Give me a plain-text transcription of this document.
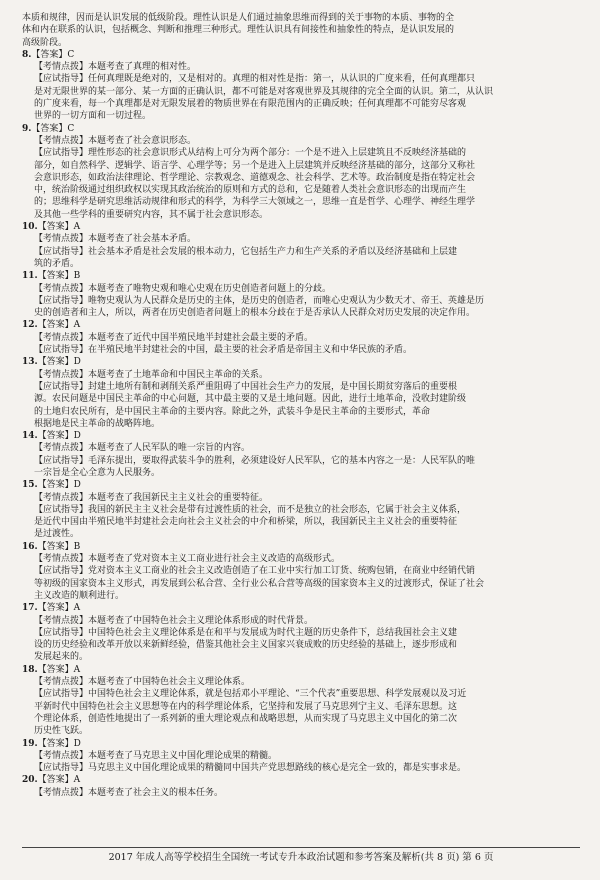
本质和规律，因而是认识发展的低级阶段。理性认识是人们通过抽象思维而得到的关于事物的本质、事物的全
体和内在联系的认识，包括概念、判断和推理三种形式。理性认识具有间接性和抽象性的特点，是认识发展的
高级阶段。
8.【答案】C
【考情点拨】本题考查了真理的相对性。
【应试指导】任何真理既是绝对的，又是相对的。真理的相对性是指：第一，从认识的广度来看，任何真理都只
是对无限世界的某一部分、某一方面的正确认识，都不可能是对客观世界及其规律的完全全面的认识。第二，从认识
的广度来看，每一个真理都是对无限发展着的物质世界在有限范围内的正确反映；任何真理都不可能穷尽客观
世界的一切方面和一切过程。
9.【答案】C
【考情点拨】本题考查了社会意识形态。
【应试指导】理性形态的社会意识形式从结构上可分为两个部分：一个是不进入上层建筑且不反映经济基础的
部分，如自然科学、逻辑学、语言学、心理学等；另一个是进入上层建筑并反映经济基础的部分，这部分又称社
会意识形态，如政治法律理论、哲学理论、宗教观念、道德观念、社会科学、艺术等。政治制度是指在特定社会
中，统治阶级通过组织政权以实现其政治统治的原则和方式的总和，它是随着人类社会意识形态的出现而产生
的；思维科学是研究思维活动规律和形式的科学，为科学三大领域之一，思维一直是哲学、心理学、神经生理学
及其他一些学科的重要研究内容，其不属于社会意识形态。
10.【答案】A
【考情点拨】本题考查了社会基本矛盾。
【应试指导】社会基本矛盾是社会发展的根本动力，它包括生产力和生产关系的矛盾以及经济基础和上层建
筑的矛盾。
11.【答案】B
【考情点拨】本题考查了唯物史观和唯心史观在历史创造者问题上的分歧。
【应试指导】唯物史观认为人民群众是历史的主体，是历史的创造者，而唯心史观认为少数天才、帝王、英雄是历
史的创造者和主人，所以，两者在历史创造者问题上的根本分歧在于是否承认人民群众对历史发展的决定作用。
12.【答案】A
【考情点拨】本题考查了近代中国半殖民地半封建社会最主要的矛盾。
【应试指导】在半殖民地半封建社会的中国，最主要的社会矛盾是帝国主义和中华民族的矛盾。
13.【答案】D
【考情点拨】本题考查了土地革命和中国民主革命的关系。
【应试指导】封建土地所有制和剥削关系严重阻碍了中国社会生产力的发展，是中国长期贫穷落后的重要根
源。农民问题是中国民主革命的中心问题，其中最主要的又是土地问题。因此，进行土地革命，没收封建阶级
的土地归农民所有，是中国民主革命的主要内容。除此之外，武装斗争是民主革命的主要形式，革命
根据地是民主革命的战略阵地。
14.【答案】D
【考情点拨】本题考查了人民军队的唯一宗旨的内容。
【应试指导】毛泽东提出，要取得武装斗争的胜利，必须建设好人民军队，它的基本内容之一是：人民军队的唯
一宗旨是全心全意为人民服务。
15.【答案】D
【考情点拨】本题考查了我国新民主主义社会的重要特征。
【应试指导】我国的新民主主义社会是带有过渡性质的社会，而不是独立的社会形态，它属于社会主义体系，
是近代中国由半殖民地半封建社会走向社会主义社会的中介和桥梁，所以，我国新民主主义社会的重要特征
是过渡性。
16.【答案】B
【考情点拨】本题考查了党对资本主义工商业进行社会主义改造的高级形式。
【应试指导】党对资本主义工商业的社会主义改造创造了在工业中实行加工订货、统购包销，在商业中经销代销
等初级的国家资本主义形式，再发展到公私合营、全行业公私合营等高级的国家资本主义的过渡形式，保证了社会
主义改造的顺利进行。
17.【答案】A
【考情点拨】本题考查了中国特色社会主义理论体系形成的时代背景。
【应试指导】中国特色社会主义理论体系是在和平与发展成为时代主题的历史条件下，总结我国社会主义建
设的历史经验和改革开放以来新鲜经验，借鉴其他社会主义国家兴衰成败的历史经验的基础上，逐步形成和
发展起来的。
18.【答案】A
【考情点拨】本题考查了中国特色社会主义理论体系。
【应试指导】中国特色社会主义理论体系，就是包括邓小平理论、“三个代表”重要思想、科学发展观以及习近
平新时代中国特色社会主义思想等在内的科学理论体系，它坚持和发展了马克思列宁主义、毛泽东思想。这
个理论体系，创造性地提出了一系列新的重大理论观点和战略思想，从而实现了马克思主义中国化的第二次
历史性飞跃。
19.【答案】D
【考情点拨】本题考查了马克思主义中国化理论成果的精髓。
【应试指导】马克思主义中国化理论成果的精髓同中国共产党思想路线的核心是完全一致的，都是实事求是。
20.【答案】A
【考情点拨】本题考查了社会主义的根本任务。
2017 年成人高等学校招生全国统一考试专升本政治试题和参考答案及解析(共 8 页) 第 6 页
